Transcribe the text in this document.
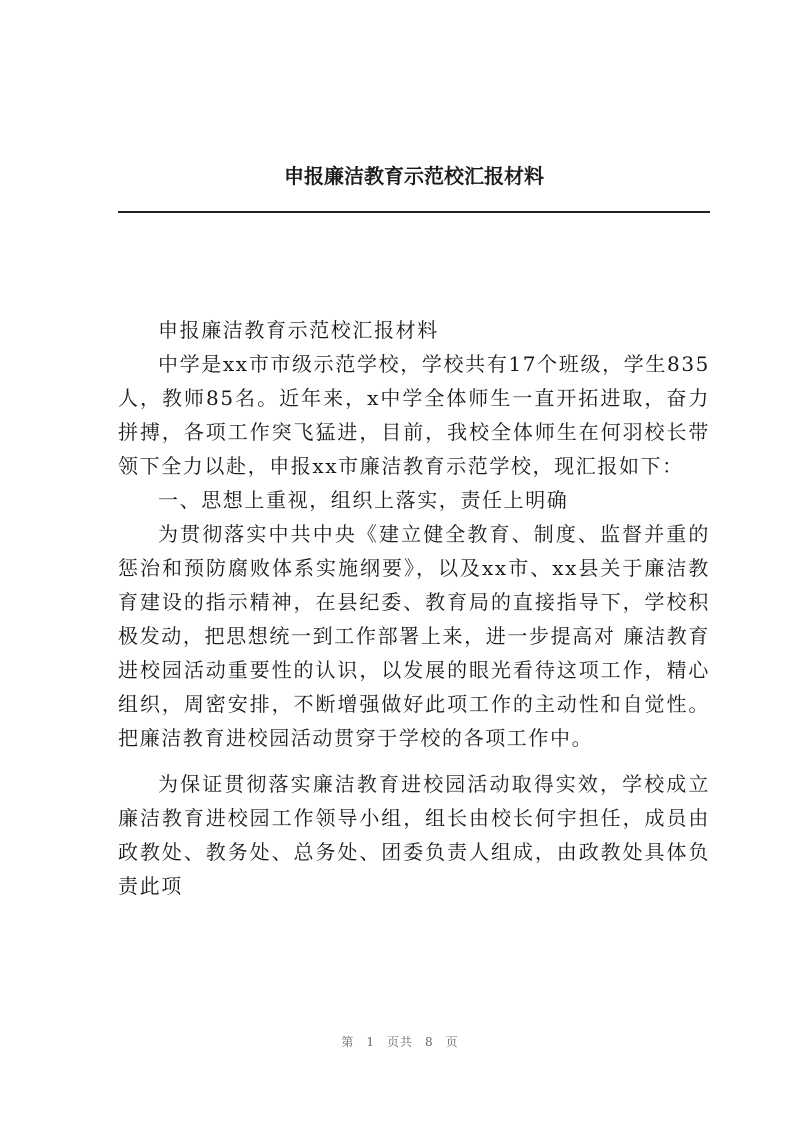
申报廉洁教育示范校汇报材料

申报廉洁教育示范校汇报材料

中学是xx市市级示范学校，学校共有17个班级，学生835人，教师85名。近年来，x中学全体师生一直开拓进取，奋力拼搏，各项工作突飞猛进，目前，我校全体师生在何羽校长带领下全力以赴，申报xx市廉洁教育示范学校，现汇报如下：

一、思想上重视，组织上落实，责任上明确

为贯彻落实中共中央《建立健全教育、制度、监督并重的惩治和预防腐败体系实施纲要》，以及xx市、xx县关于廉洁教育建设的指示精神，在县纪委、教育局的直接指导下，学校积极发动，把思想统一到工作部署上来，进一步提高对 廉洁教育进校园活动重要性的认识，以发展的眼光看待这项工作，精心组织，周密安排，不断增强做好此项工作的主动性和自觉性。把廉洁教育进校园活动贯穿于学校的各项工作中。

为保证贯彻落实廉洁教育进校园活动取得实效，学校成立廉洁教育进校园工作领导小组，组长由校长何宇担任，成员由政教处、教务处、总务处、团委负责人组成，由政教处具体负责此项

第 1 页共 8 页
